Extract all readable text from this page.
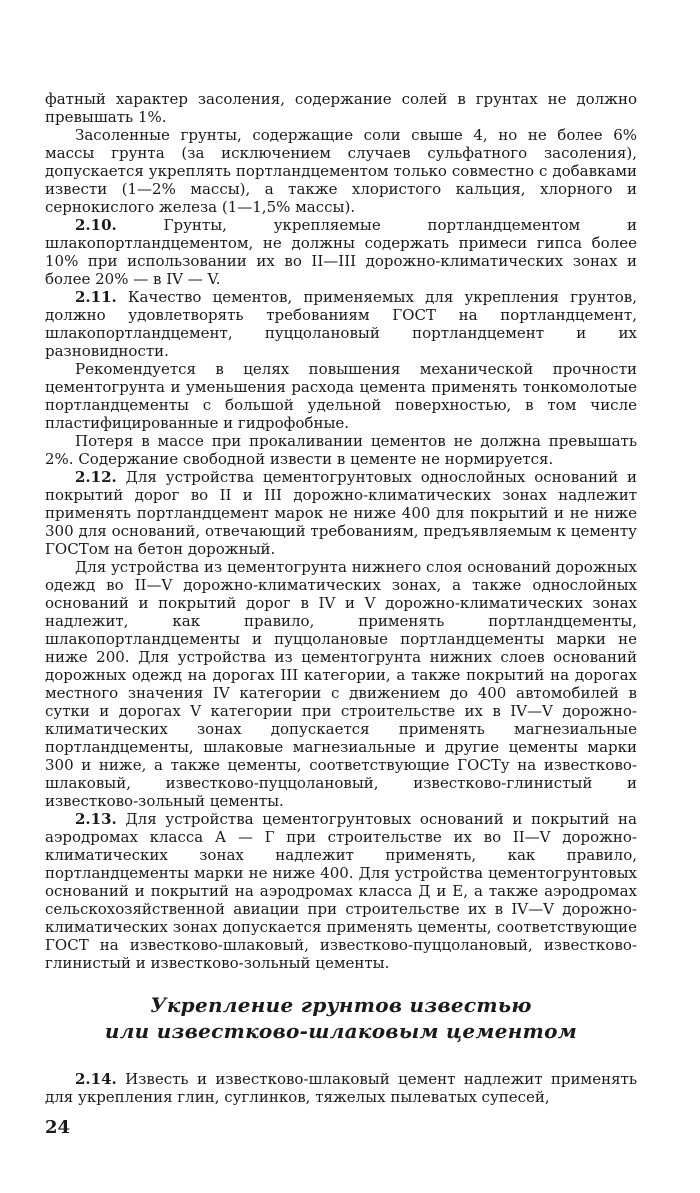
фатный характер засоления, содержание солей в грунтах не должно превышать 1%.

Засоленные грунты, содержащие соли свыше 4, но не более 6% массы грунта (за исключением случаев сульфатного засоления), допускается укреплять портландцементом только совместно с добавками извести (1—2% массы), а также хлористого кальция, хлорного и сернокислого железа (1—1,5% массы).

2.10. Грунты, укрепляемые портландцементом и шлакопортландцементом, не должны содержать примеси гипса более 10% при использовании их во II—III дорожно-климатических зонах и более 20% — в IV — V.

2.11. Качество цементов, применяемых для укрепления грунтов, должно удовлетворять требованиям ГОСТ на портландцемент, шлакопортландцемент, пуццолановый портландцемент и их разновидности.

Рекомендуется в целях повышения механической прочности цементогрунта и уменьшения расхода цемента применять тонкомолотые портландцементы с большой удельной поверхностью, в том числе пластифицированные и гидрофобные.

Потеря в массе при прокаливании цементов не должна превышать 2%. Содержание свободной извести в цементе не нормируется.

2.12. Для устройства цементогрунтовых однослойных оснований и покрытий дорог во II и III дорожно-климатических зонах надлежит применять портландцемент марок не ниже 400 для покрытий и не ниже 300 для оснований, отвечающий требованиям, предъявляемым к цементу ГОСТом на бетон дорожный.

Для устройства из цементогрунта нижнего слоя оснований дорожных одежд во II—V дорожно-климатических зонах, а также однослойных оснований и покрытий дорог в IV и V дорожно-климатических зонах надлежит, как правило, применять портландцементы, шлакопортландцементы и пуццолановые портландцементы марки не ниже 200. Для устройства из цементогрунта нижних слоев оснований дорожных одежд на дорогах III категории, а также покрытий на дорогах местного значения IV категории с движением до 400 автомобилей в сутки и дорогах V категории при строительстве их в IV—V дорожно-климатических зонах допускается применять магнезиальные портландцементы, шлаковые магнезиальные и другие цементы марки 300 и ниже, а также цементы, соответствующие ГОСТу на известково-шлаковый, известково-пуццолановый, известково-глинистый и известково-зольный цементы.

2.13. Для устройства цементогрунтовых оснований и покрытий на аэродромах класса А — Г при строительстве их во II—V дорожно-климатических зонах надлежит применять, как правило, портландцементы марки не ниже 400. Для устройства цементогрунтовых оснований и покрытий на аэродромах класса Д и Е, а также аэродромах сельскохозяйственной авиации при строительстве их в IV—V дорожно-климатических зонах допускается применять цементы, соответствующие ГОСТ на известково-шлаковый, известково-пуццолановый, известково-глинистый и известково-зольный цементы.

Укрепление грунтов известью
или известково-шлаковым цементом

2.14. Известь и известково-шлаковый цемент надлежит применять для укрепления глин, суглинков, тяжелых пылеватых супесей,

24
